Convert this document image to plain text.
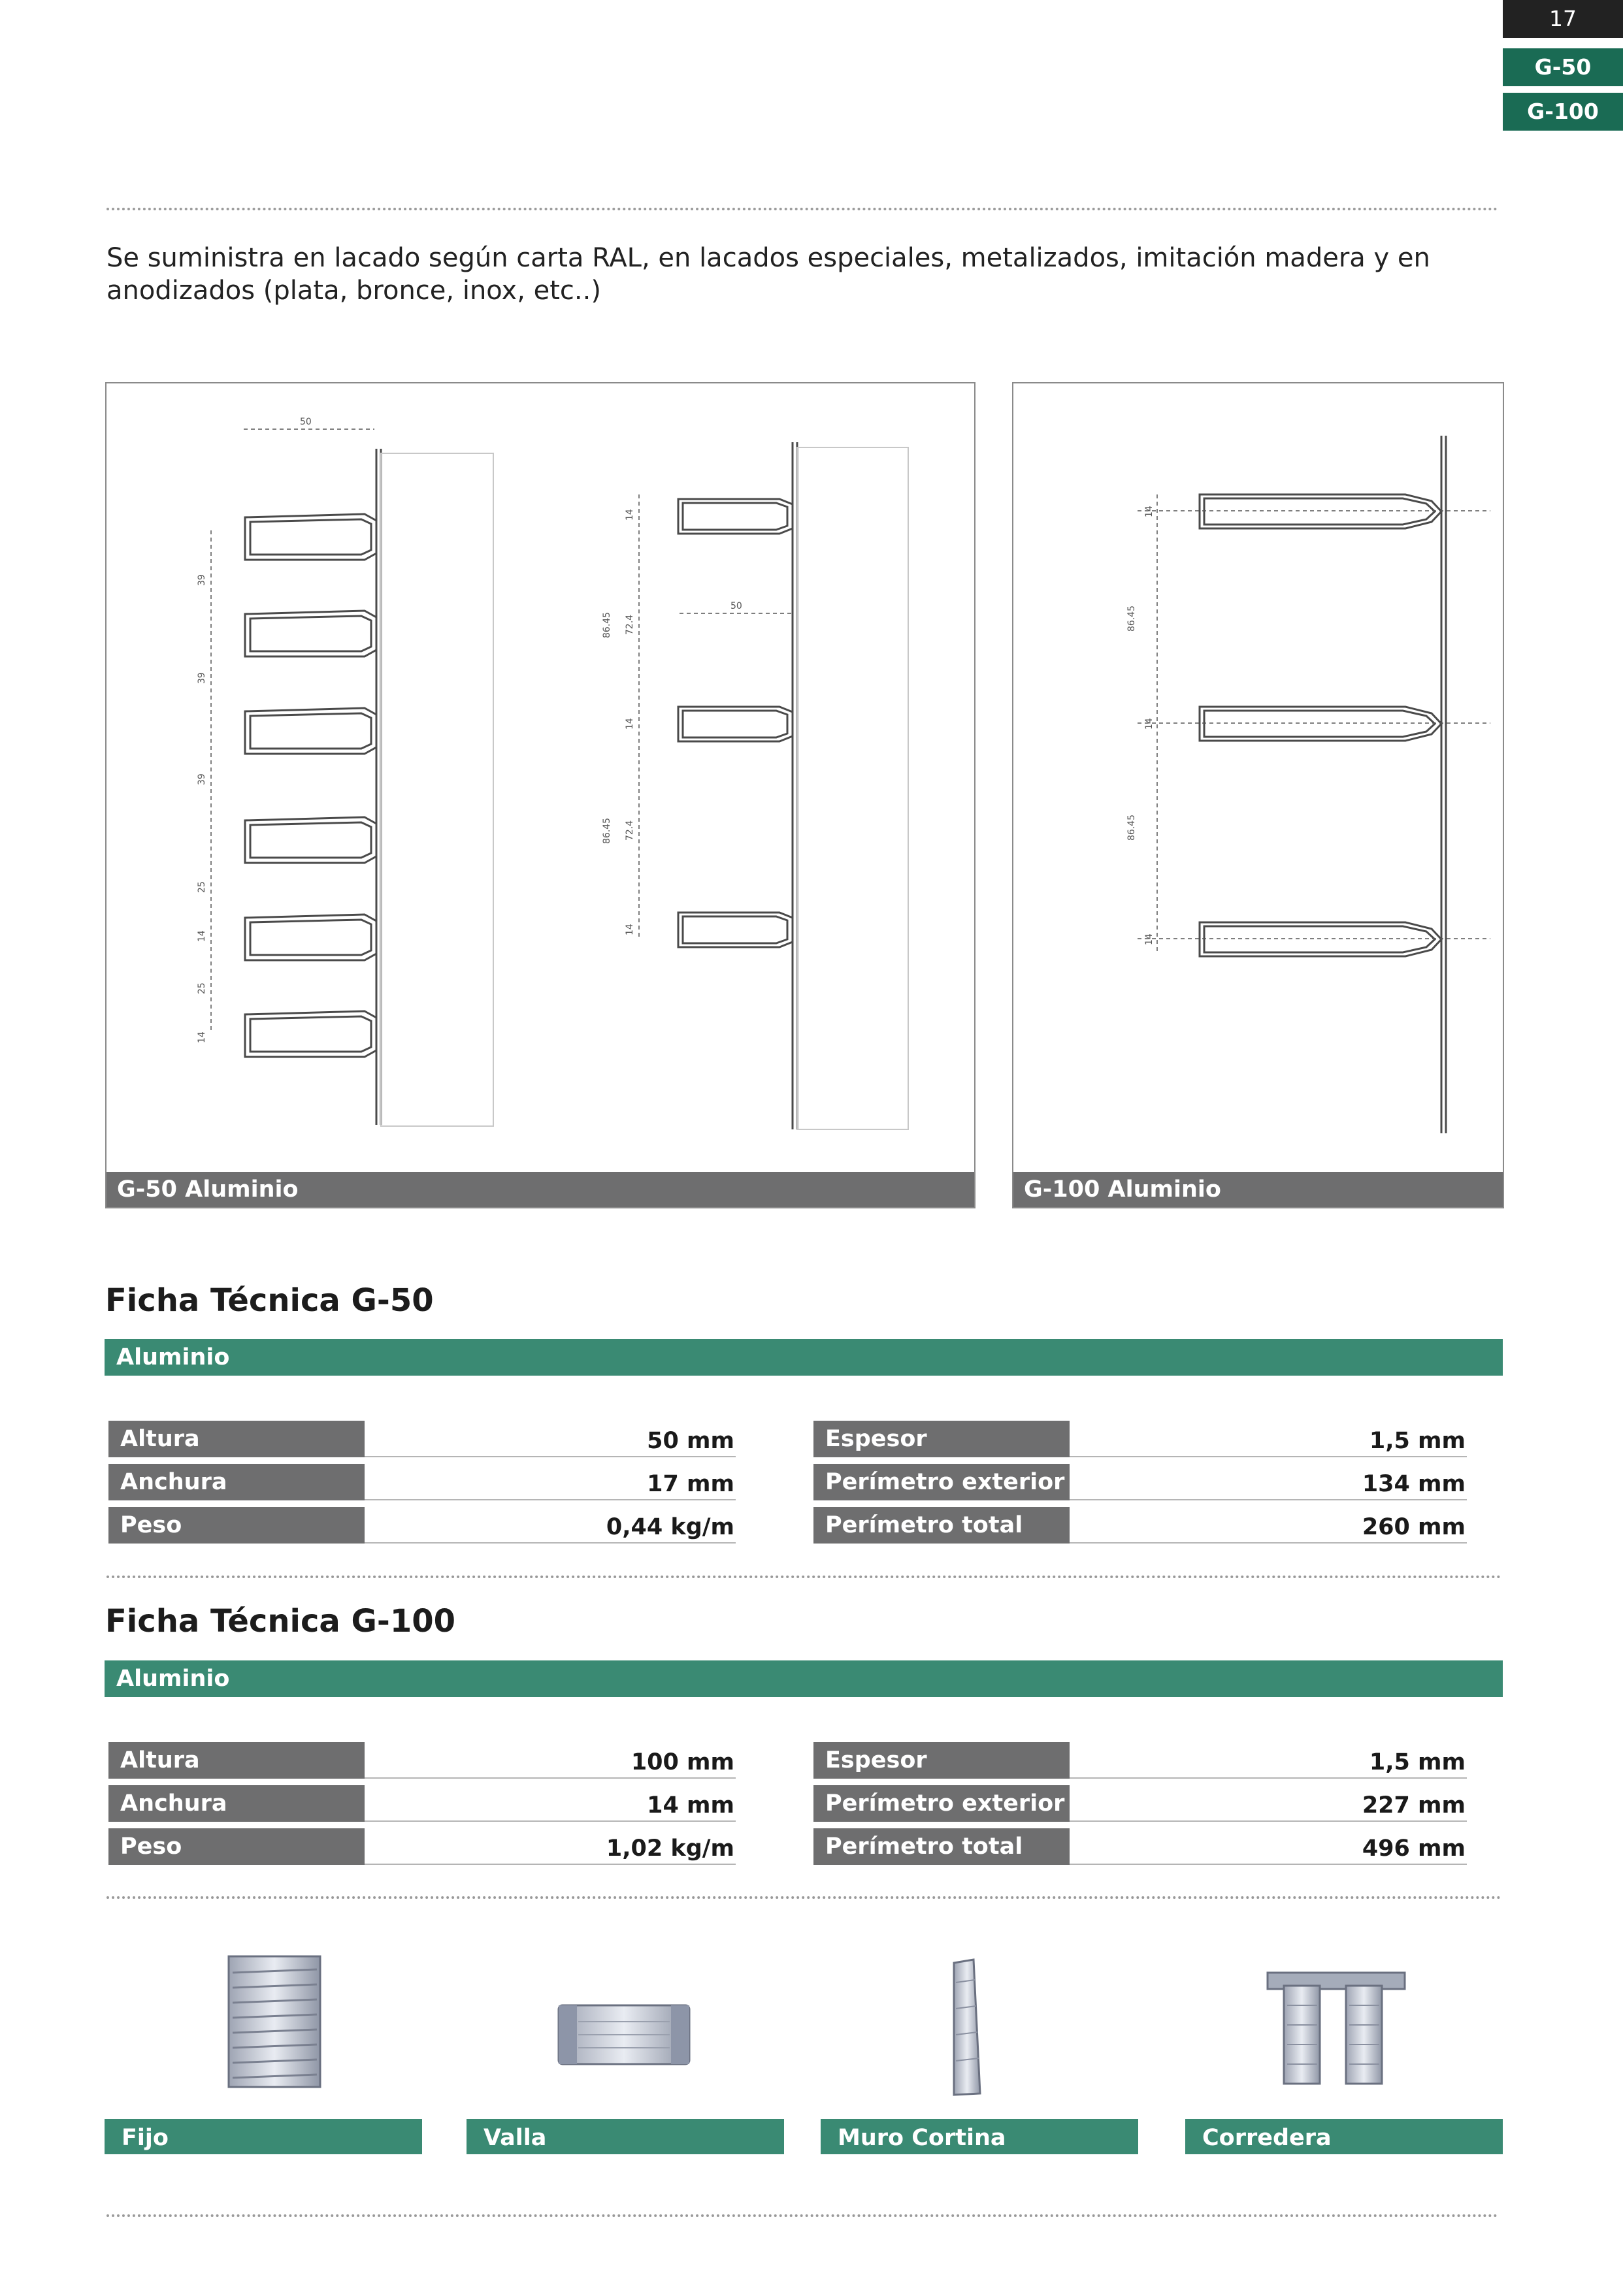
17
G-50
G-100
Se suministra en lacado según carta RAL, en lacados especiales, metalizados, imitación madera y en anodizados (plata, bronce, inox, etc..)
50
39
39
39
25
14
25
14
14
86.45 72.4
50
14
86.45 72.4
14
G-50 Aluminio
14
86.45
14
86.45
14
G-100 Aluminio
Ficha Técnica G-50
Aluminio
Altura	50 mm
Anchura	17 mm
Peso	0,44 kg/m
Espesor	1,5 mm
Perímetro exterior	134 mm
Perímetro total	260 mm
Ficha Técnica G-100
Aluminio
Altura	100 mm
Anchura	14 mm
Peso	1,02 kg/m
Espesor	1,5 mm
Perímetro exterior	227 mm
Perímetro total	496 mm
Fijo	Valla	Muro Cortina	Corredera
